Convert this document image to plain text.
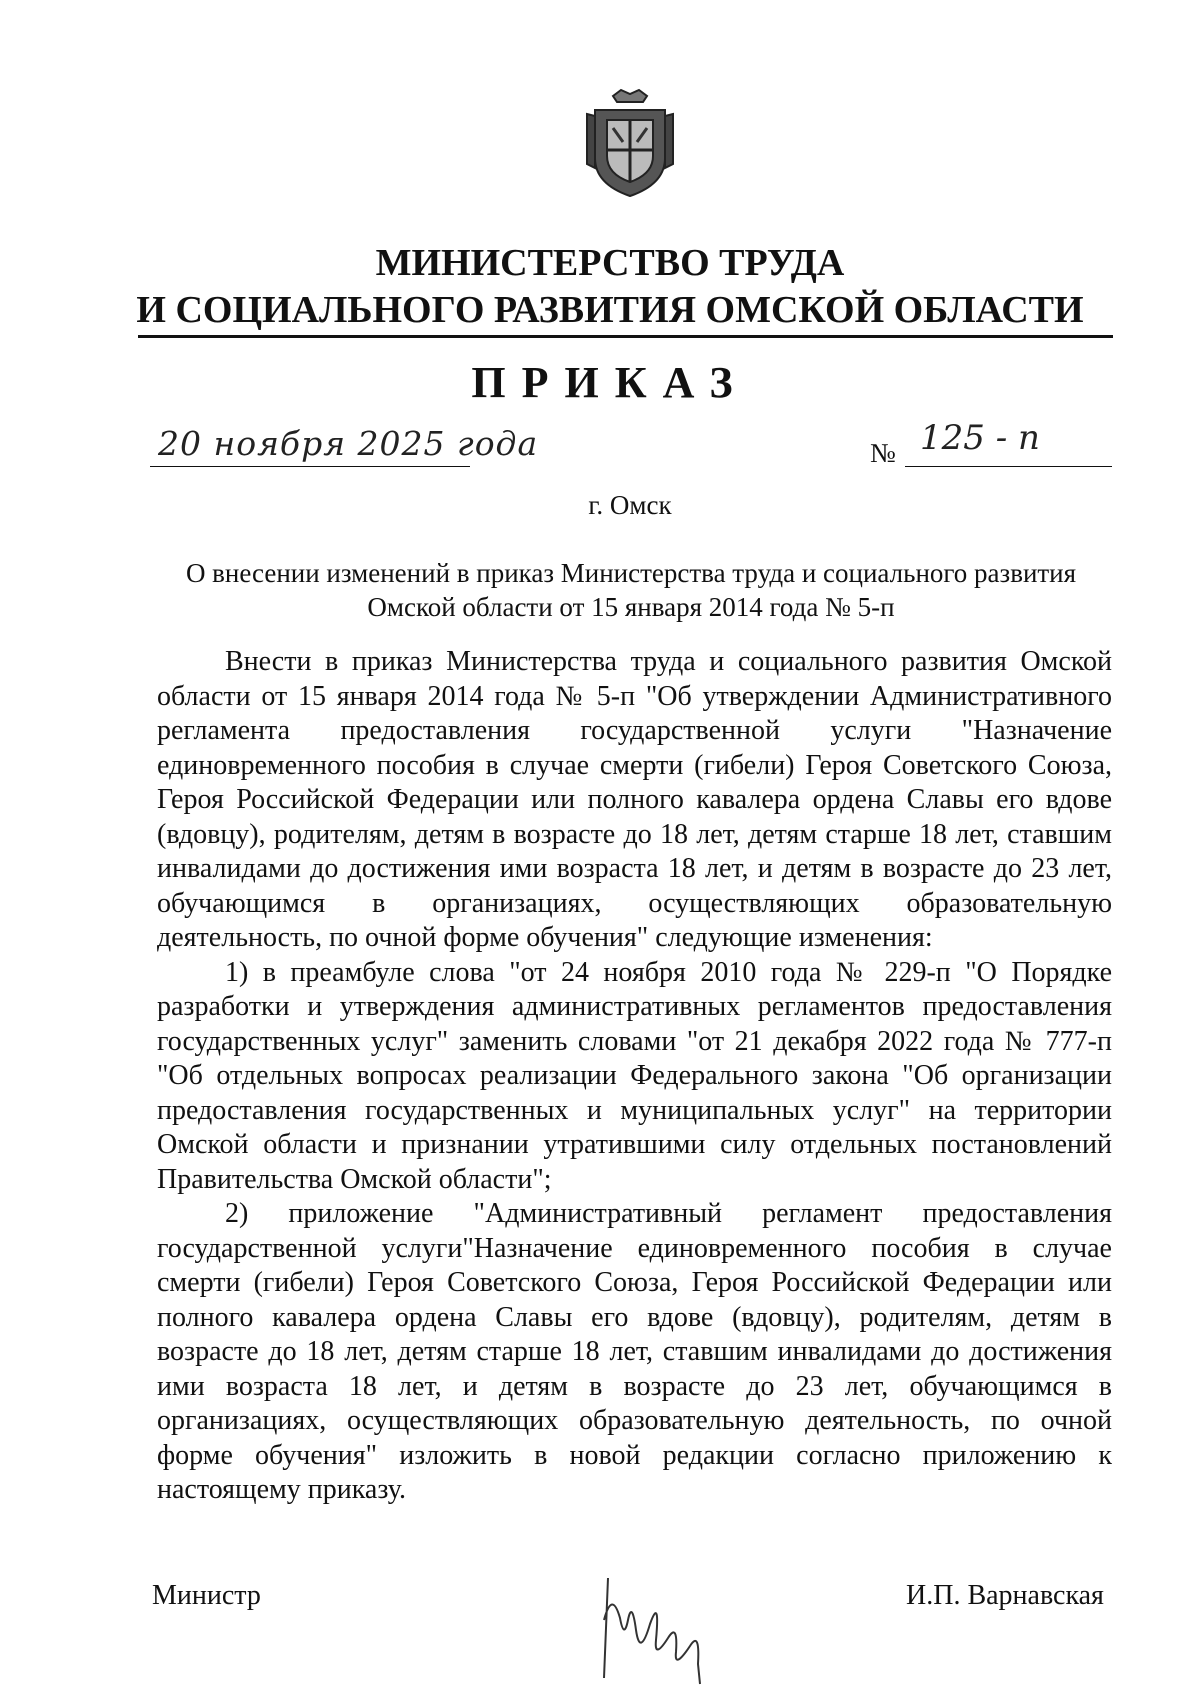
МИНИСТЕРСТВО ТРУДА
И СОЦИАЛЬНОГО РАЗВИТИЯ ОМСКОЙ ОБЛАСТИ
ПРИКАЗ
20 ноября 2025 года	№ 125 - п
г. Омск
О внесении изменений в приказ Министерства труда и социального развития
Омской области от 15 января 2014 года № 5-п

Внести в приказ Министерства труда и социального развития Омской области от 15 января 2014 года № 5-п "Об утверждении Административного регламента предоставления государственной услуги "Назначение единовременного пособия в случае смерти (гибели) Героя Советского Союза, Героя Российской Федерации или полного кавалера ордена Славы его вдове (вдовцу), родителям, детям в возрасте до 18 лет, детям старше 18 лет, ставшим инвалидами до достижения ими возраста 18 лет, и детям в возрасте до 23 лет, обучающимся в организациях, осуществляющих образовательную деятельность, по очной форме обучения" следующие изменения:

1) в преамбуле слова "от 24 ноября 2010 года № 229-п "О Порядке разработки и утверждения административных регламентов предоставления государственных услуг" заменить словами "от 21 декабря 2022 года № 777-п "Об отдельных вопросах реализации Федерального закона "Об организации предоставления государственных и муниципальных услуг" на территории Омской области и признании утратившими силу отдельных постановлений Правительства Омской области";

2) приложение "Административный регламент предоставления государственной услуги"Назначение единовременного пособия в случае смерти (гибели) Героя Советского Союза, Героя Российской Федерации или полного кавалера ордена Славы его вдове (вдовцу), родителям, детям в возрасте до 18 лет, детям старше 18 лет, ставшим инвалидами до достижения ими возраста 18 лет, и детям в возрасте до 23 лет, обучающимся в организациях, осуществляющих образовательную деятельность, по очной форме обучения" изложить в новой редакции согласно приложению к настоящему приказу.

Министр	И.П. Варнавская
